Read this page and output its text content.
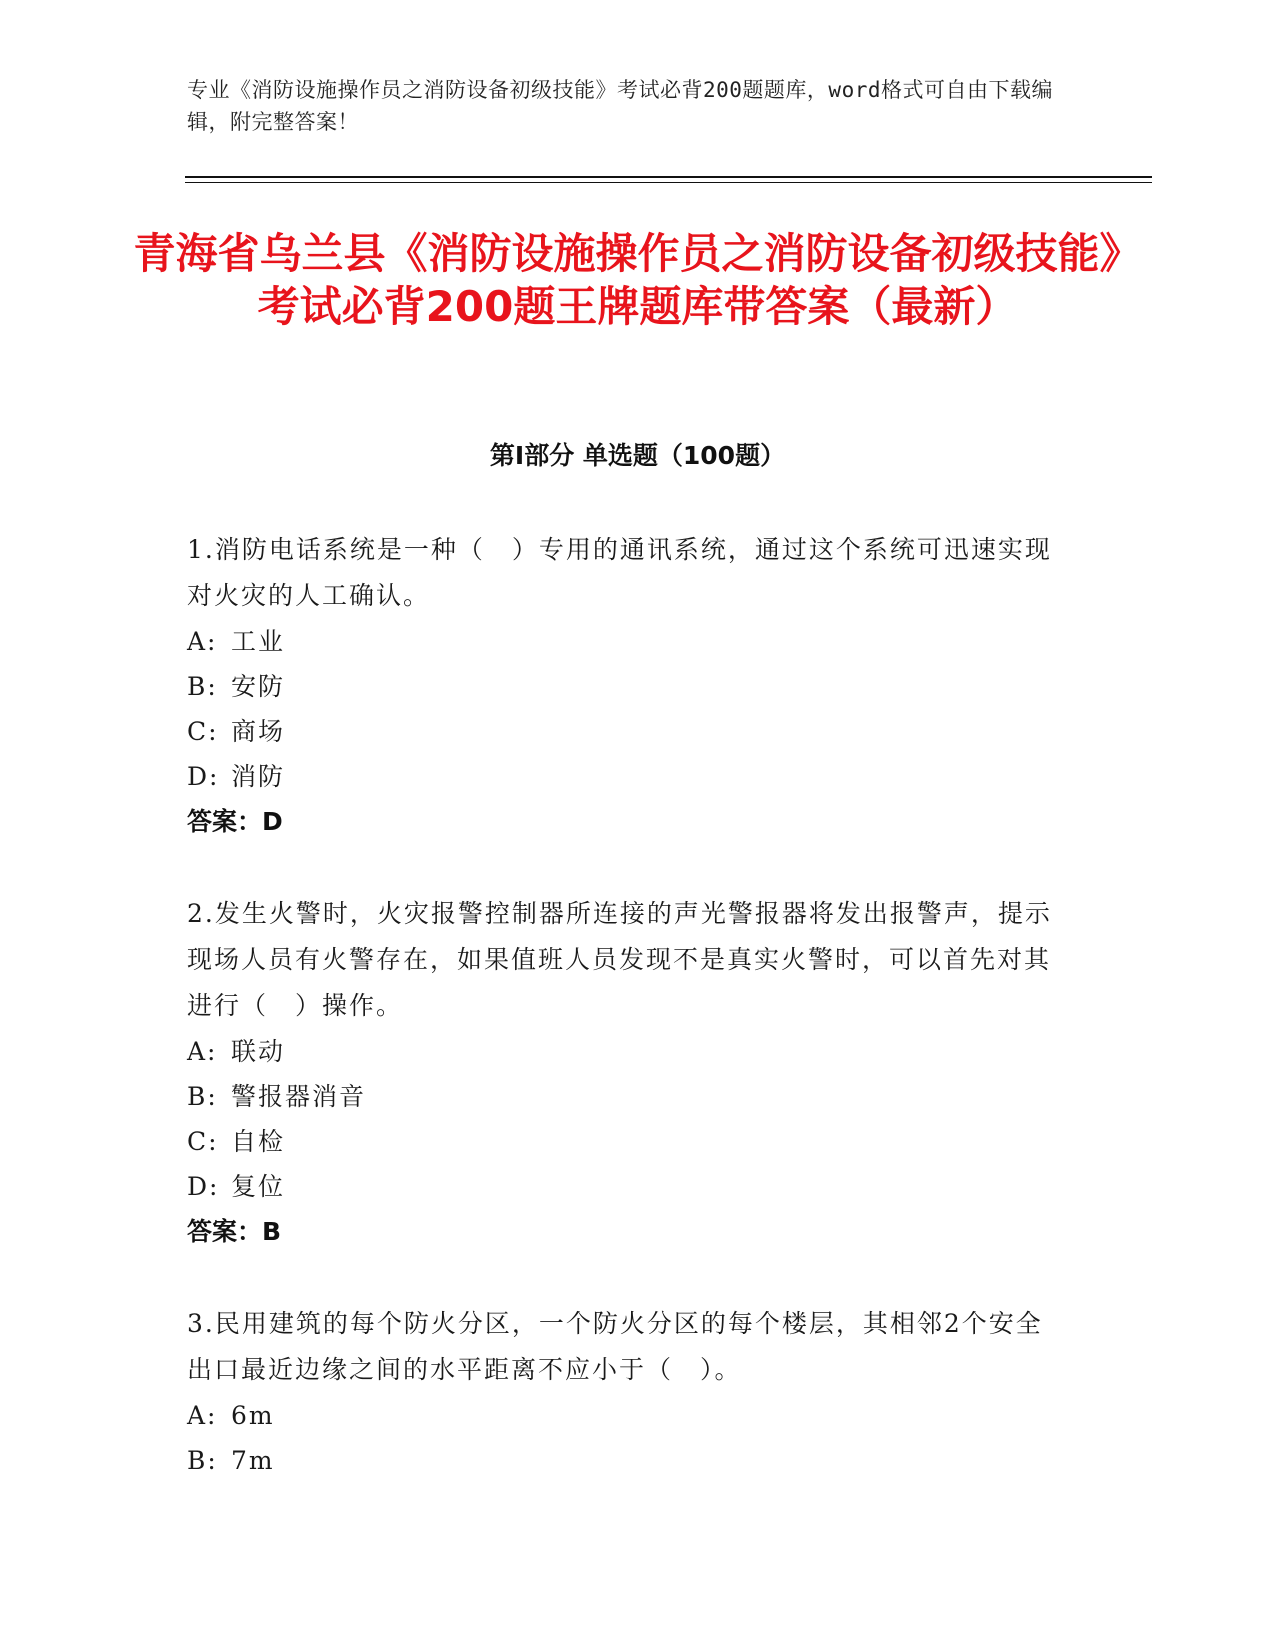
专业《消防设施操作员之消防设备初级技能》考试必背200题题库，word格式可自由下载编辑，附完整答案！
青海省乌兰县《消防设施操作员之消防设备初级技能》考试必背200题王牌题库带答案（最新）
第Ⅰ部分 单选题（100题）
1.消防电话系统是一种（　）专用的通讯系统，通过这个系统可迅速实现对火灾的人工确认。
A: 工业
B: 安防
C: 商场
D: 消防
答案：D
2.发生火警时，火灾报警控制器所连接的声光警报器将发出报警声，提示现场人员有火警存在，如果值班人员发现不是真实火警时，可以首先对其进行（　）操作。
A: 联动
B: 警报器消音
C: 自检
D: 复位
答案：B
3.民用建筑的每个防火分区，一个防火分区的每个楼层，其相邻2个安全出口最近边缘之间的水平距离不应小于（　）。
A: 6m
B: 7m
